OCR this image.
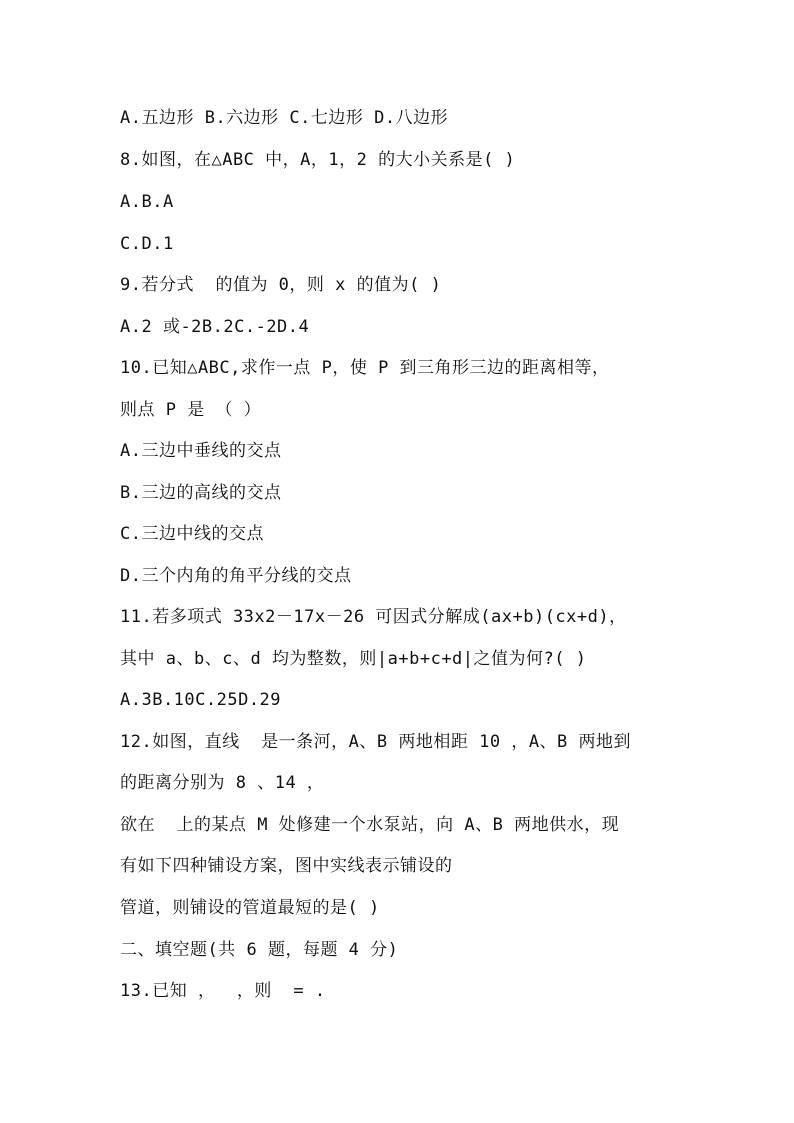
A.五边形 B.六边形 C.七边形 D.八边形
8.如图，在△ABC 中，A，1，2 的大小关系是( )
A.B.A
C.D.1
9.若分式  的值为 0，则 x 的值为( )
A.2 或-2B.2C.-2D.4
10.已知△ABC,求作一点 P，使 P 到三角形三边的距离相等，
则点 P 是 （ ）
A.三边中垂线的交点
B.三边的高线的交点
C.三边中线的交点
D.三个内角的角平分线的交点
11.若多项式 33x2－17x－26 可因式分解成(ax+b)(cx+d)，
其中 a、b、c、d 均为整数，则|a+b+c+d|之值为何?( )
A.3B.10C.25D.29
12.如图，直线  是一条河，A、B 两地相距 10 ，A、B 两地到
的距离分别为 8 、14 ，
欲在  上的某点 M 处修建一个水泵站，向 A、B 两地供水，现
有如下四种铺设方案，图中实线表示铺设的
管道，则铺设的管道最短的是( )
二、填空题(共 6 题，每题 4 分)
13.已知 ，  ，则  = .
